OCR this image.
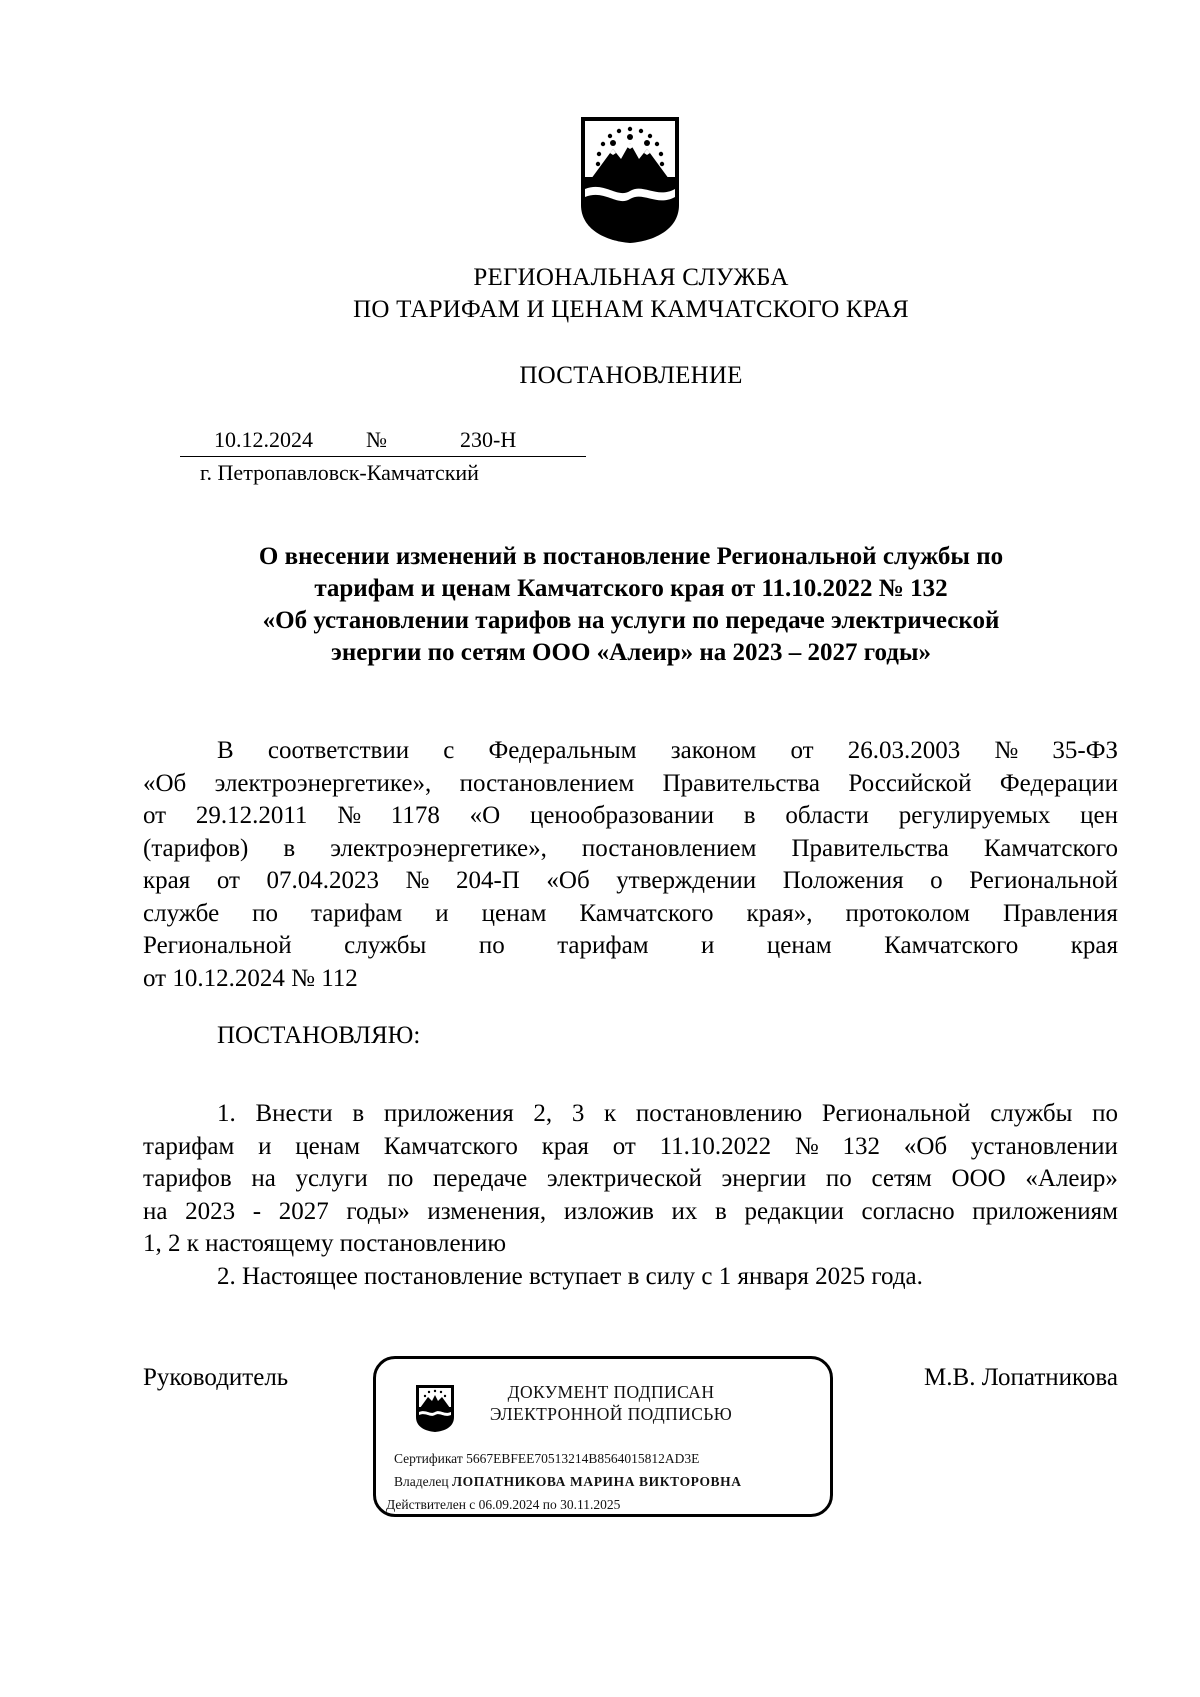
РЕГИОНАЛЬНАЯ СЛУЖБА
ПО ТАРИФАМ И ЦЕНАМ КАМЧАТСКОГО КРАЯ
ПОСТАНОВЛЕНИЕ
10.12.2024 №	230-Н
г. Петропавловск-Камчатский
О внесении изменений в постановление Региональной службы по
тарифам и ценам Камчатского края от 11.10.2022 № 132
«Об установлении тарифов на услуги по передаче электрической
энергии по сетям ООО «Алеир» на 2023 – 2027 годы»
В соответствии с Федеральным законом от 26.03.2003 № 35-ФЗ
«Об электроэнергетике», постановлением Правительства Российской Федерации
от 29.12.2011 № 1178 «О ценообразовании в области регулируемых цен
(тарифов) в электроэнергетике», постановлением Правительства Камчатского
края от 07.04.2023 № 204-П «Об утверждении Положения о Региональной
службе по тарифам и ценам Камчатского края», протоколом Правления
Региональной службы по тарифам и ценам Камчатского края
от 10.12.2024 № 112
ПОСТАНОВЛЯЮ:
1. Внести в приложения 2, 3 к постановлению Региональной службы по
тарифам и ценам Камчатского края от 11.10.2022 № 132 «Об установлении
тарифов на услуги по передаче электрической энергии по сетям ООО «Алеир»
на 2023 - 2027 годы» изменения, изложив их в редакции согласно приложениям
1, 2 к настоящему постановлению
2. Настоящее постановление вступает в силу с 1 января 2025 года.
Руководитель
ДОКУМЕНТ ПОДПИСАН
ЭЛЕКТРОННОЙ ПОДПИСЬЮ
Сертификат 5667EBFEE70513214B8564015812AD3E
Владелец ЛОПАТНИКОВА МАРИНА ВИКТОРОВНА
Действителен с 06.09.2024 по 30.11.2025
М.В. Лопатникова
